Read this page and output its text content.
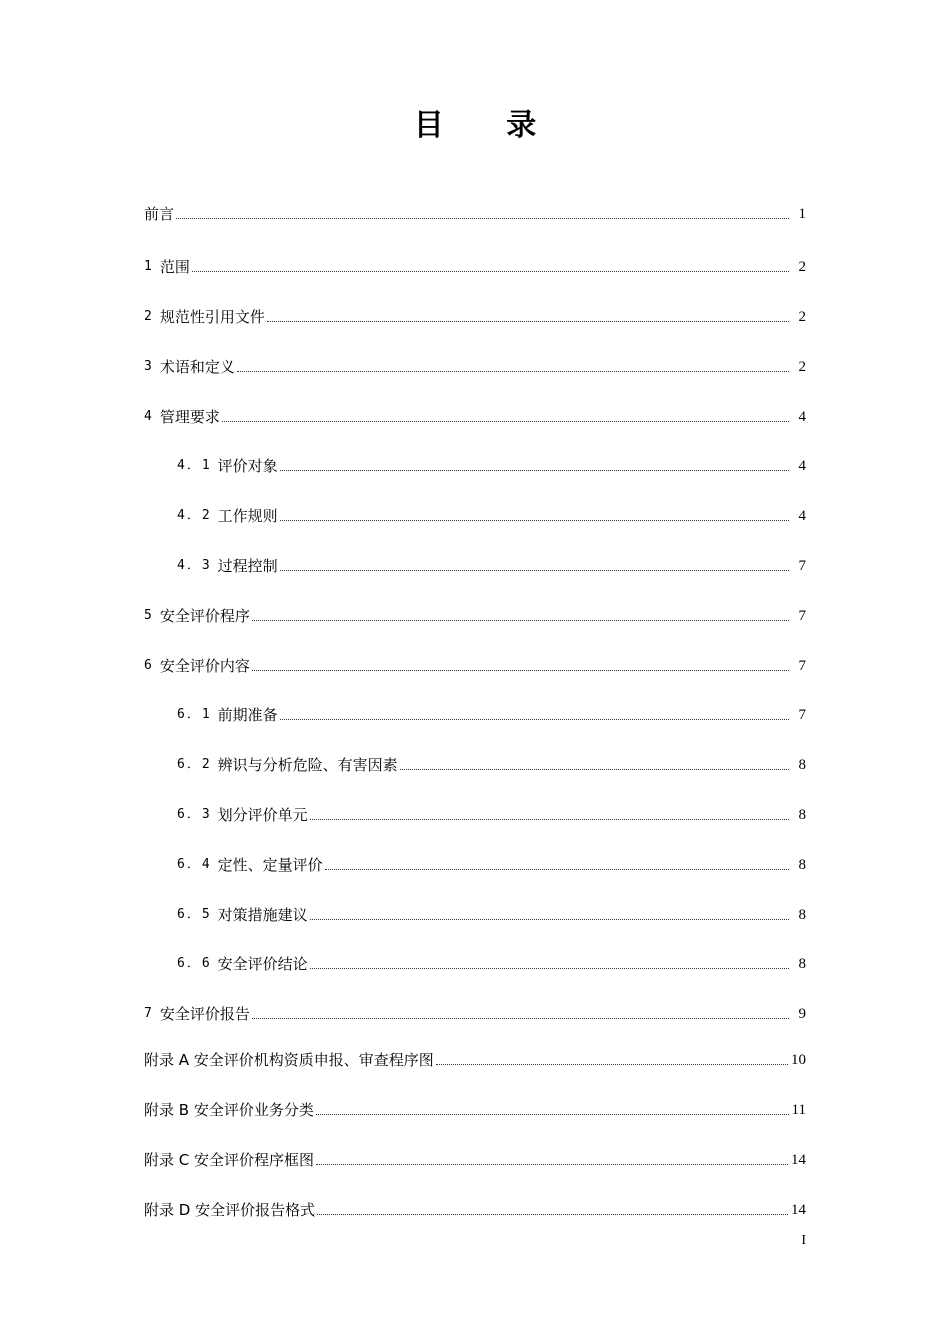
目 录
前言	1
1 范围	2
2 规范性引用文件	2
3 术语和定义	2
4 管理要求	4
4．1 评价对象	4
4．2 工作规则	4
4．3 过程控制	7
5 安全评价程序	7
6 安全评价内容	7
6．1 前期准备	7
6．2 辨识与分析危险、有害因素	8
6．3 划分评价单元	8
6．4 定性、定量评价	8
6．5 对策措施建议	8
6．6 安全评价结论	8
7 安全评价报告	9
附录 A 安全评价机构资质申报、审查程序图	10
附录 B 安全评价业务分类	11
附录 C 安全评价程序框图	14
附录 D 安全评价报告格式	14
I
